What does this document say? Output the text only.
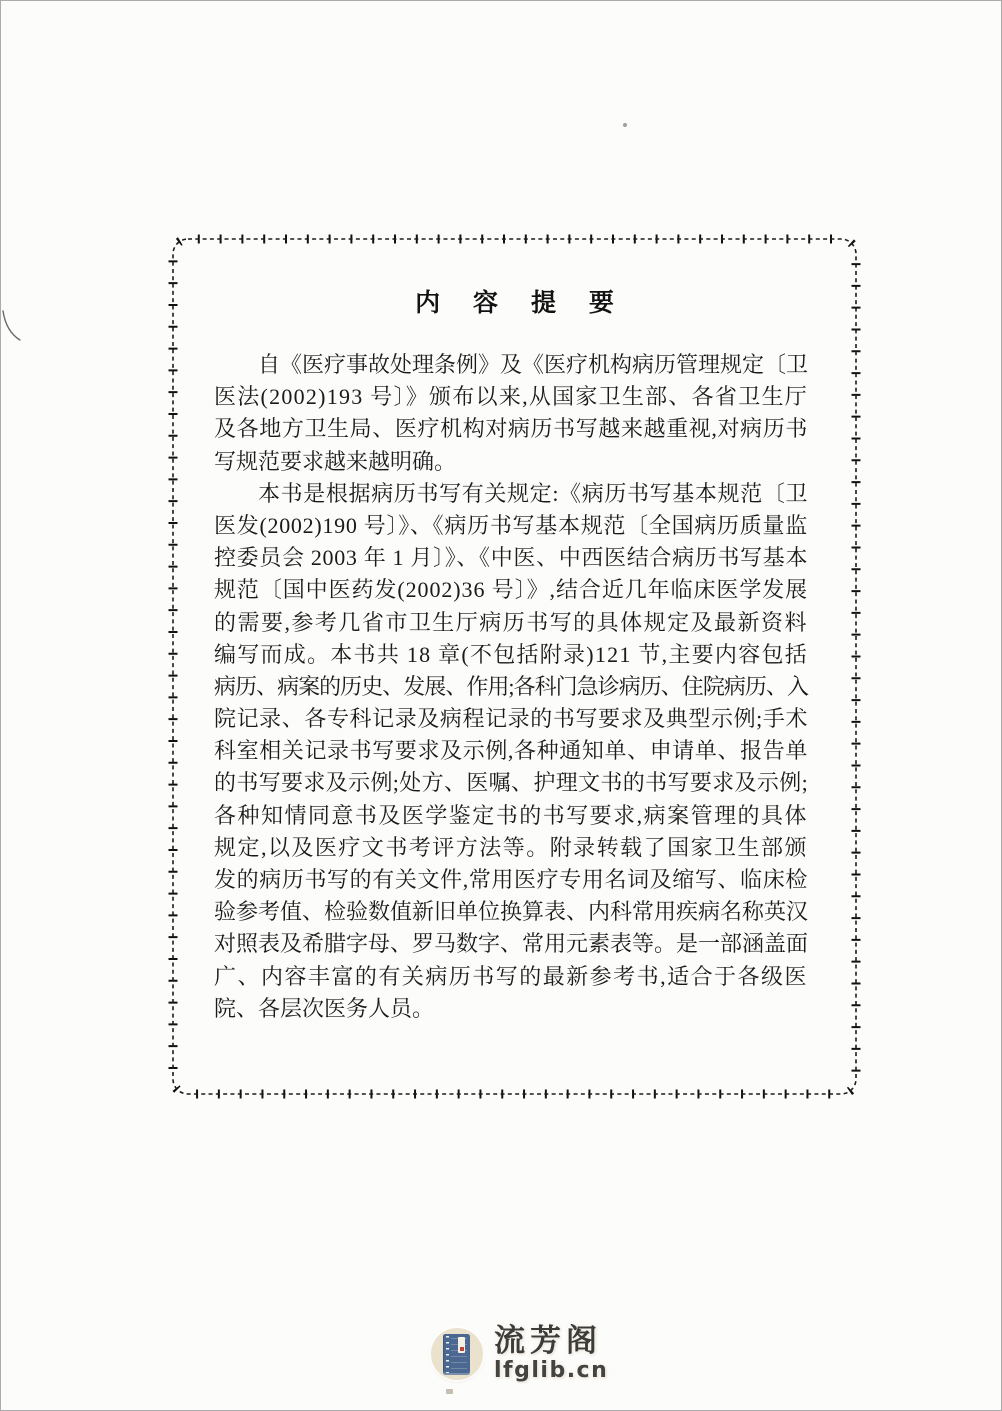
内 容 提 要
自《医疗事故处理条例》及《医疗机构病历管理规定〔卫
医法(2002)193 号〕》颁布以来,从国家卫生部、各省卫生厅
及各地方卫生局、医疗机构对病历书写越来越重视,对病历书
写规范要求越来越明确。
本书是根据病历书写有关规定:《病历书写基本规范〔卫
医发(2002)190 号〕》、《病历书写基本规范〔全国病历质量监
控委员会 2003 年 1 月〕》、《中医、中西医结合病历书写基本
规范〔国中医药发(2002)36 号〕》,结合近几年临床医学发展
的需要,参考几省市卫生厅病历书写的具体规定及最新资料
编写而成。本书共 18 章(不包括附录)121 节,主要内容包括
病历、病案的历史、发展、作用;各科门急诊病历、住院病历、入
院记录、各专科记录及病程记录的书写要求及典型示例;手术
科室相关记录书写要求及示例,各种通知单、申请单、报告单
的书写要求及示例;处方、医嘱、护理文书的书写要求及示例;
各种知情同意书及医学鉴定书的书写要求,病案管理的具体
规定,以及医疗文书考评方法等。附录转载了国家卫生部颁
发的病历书写的有关文件,常用医疗专用名词及缩写、临床检
验参考值、检验数值新旧单位换算表、内科常用疾病名称英汉
对照表及希腊字母、罗马数字、常用元素表等。是一部涵盖面
广、内容丰富的有关病历书写的最新参考书,适合于各级医
院、各层次医务人员。
流芳阁
lfglib.cn
